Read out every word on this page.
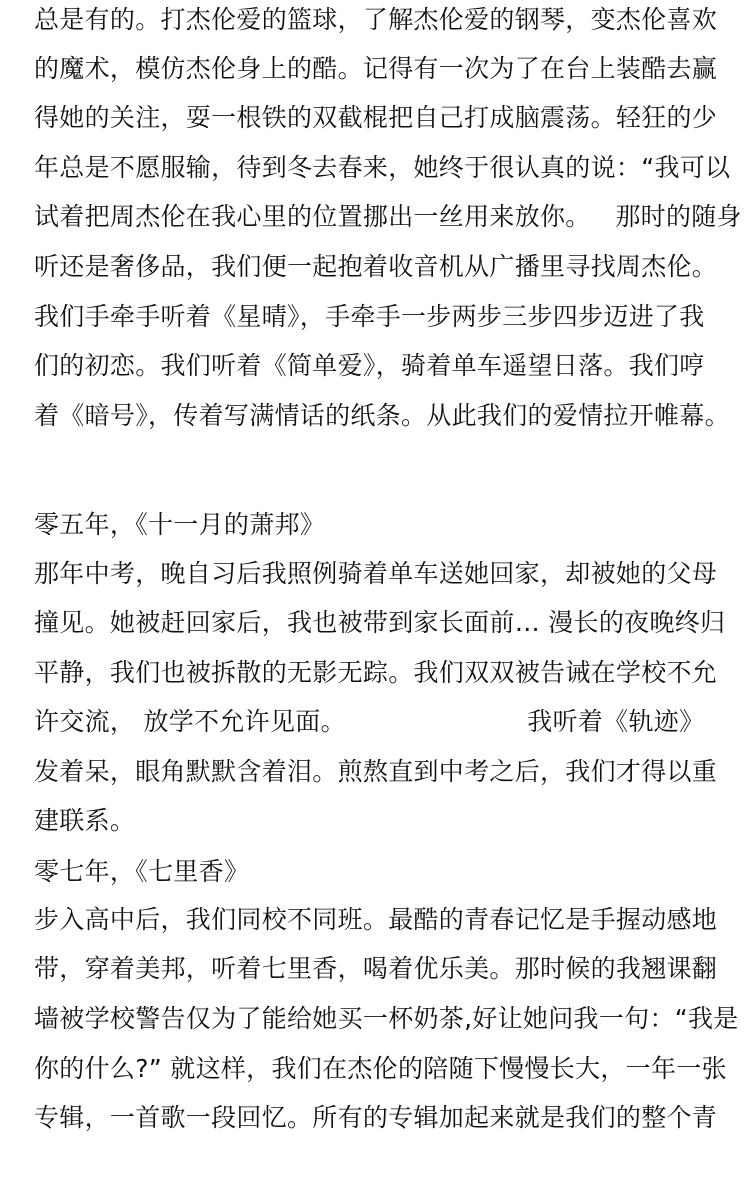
总是有的。打杰伦爱的篮球，了解杰伦爱的钢琴，变杰伦喜欢

的魔术，模仿杰伦身上的酷。记得有一次为了在台上装酷去赢

得她的关注，耍一根铁的双截棍把自己打成脑震荡。轻狂的少

年总是不愿服输，待到冬去春来，她终于很认真的说：“我可以

试着把周杰伦在我心里的位置挪出一丝用来放你。   那时的随身

听还是奢侈品，我们便一起抱着收音机从广播里寻找周杰伦。

我们手牵手听着《星晴》，手牵手一步两步三步四步迈进了我

们的初恋。我们听着《简单爱》，骑着单车遥望日落。我们哼

着《暗号》，传着写满情话的纸条。从此我们的爱情拉开帷幕。

零五年，《十一月的萧邦》

那年中考，晚自习后我照例骑着单车送她回家，却被她的父母

撞见。她被赶回家后，我也被带到家长面前… 漫长的夜晚终归

平静，我们也被拆散的无影无踪。我们双双被告诫在学校不允

许交流， 放学不允许见面。                      我听着《轨迹》

发着呆，眼角默默含着泪。煎熬直到中考之后，我们才得以重

建联系。

零七年，《七里香》

步入高中后，我们同校不同班。最酷的青春记忆是手握动感地

带，穿着美邦，听着七里香，喝着优乐美。那时候的我翘课翻

墙被学校警告仅为了能给她买一杯奶茶,好让她问我一句：“我是

你的什么?” 就这样，我们在杰伦的陪随下慢慢长大，一年一张

专辑，一首歌一段回忆。所有的专辑加起来就是我们的整个青
